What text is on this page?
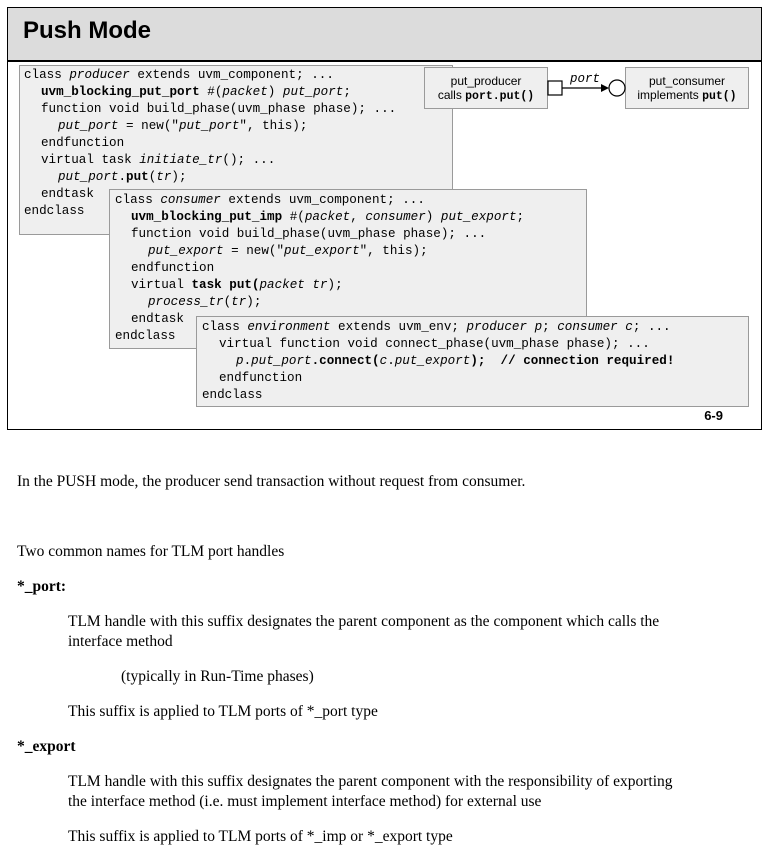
Push Mode
class producer extends uvm_component; ...
uvm_blocking_put_port #(packet) put_port;
function void build_phase(uvm_phase phase); ...
put_port = new("put_port", this);
endfunction
virtual task initiate_tr(); ...
put_port.put(tr);
endtask
endclass
class consumer extends uvm_component; ...
uvm_blocking_put_imp #(packet, consumer) put_export;
function void build_phase(uvm_phase phase); ...
put_export = new("put_export", this);
endfunction
virtual task put(packet tr);
process_tr(tr);
endtask
endclass
class environment extends uvm_env; producer p; consumer c; ...
virtual function void connect_phase(uvm_phase phase); ...
p.put_port.connect(c.put_export);  // connection required!
endfunction
endclass
put_producer
calls port.put()
put_consumer
implements put()
port
6-9
In the PUSH mode, the producer send transaction without request from consumer.
Two common names for TLM port handles
*_port:
TLM handle with this suffix designates the parent component as the component which calls the
interface method
(typically in Run-Time phases)
This suffix is applied to TLM ports of *_port type
*_export
TLM handle with this suffix designates the parent component with the responsibility of exporting
the interface method (i.e. must implement interface method) for external use
This suffix is applied to TLM ports of *_imp or *_export type
